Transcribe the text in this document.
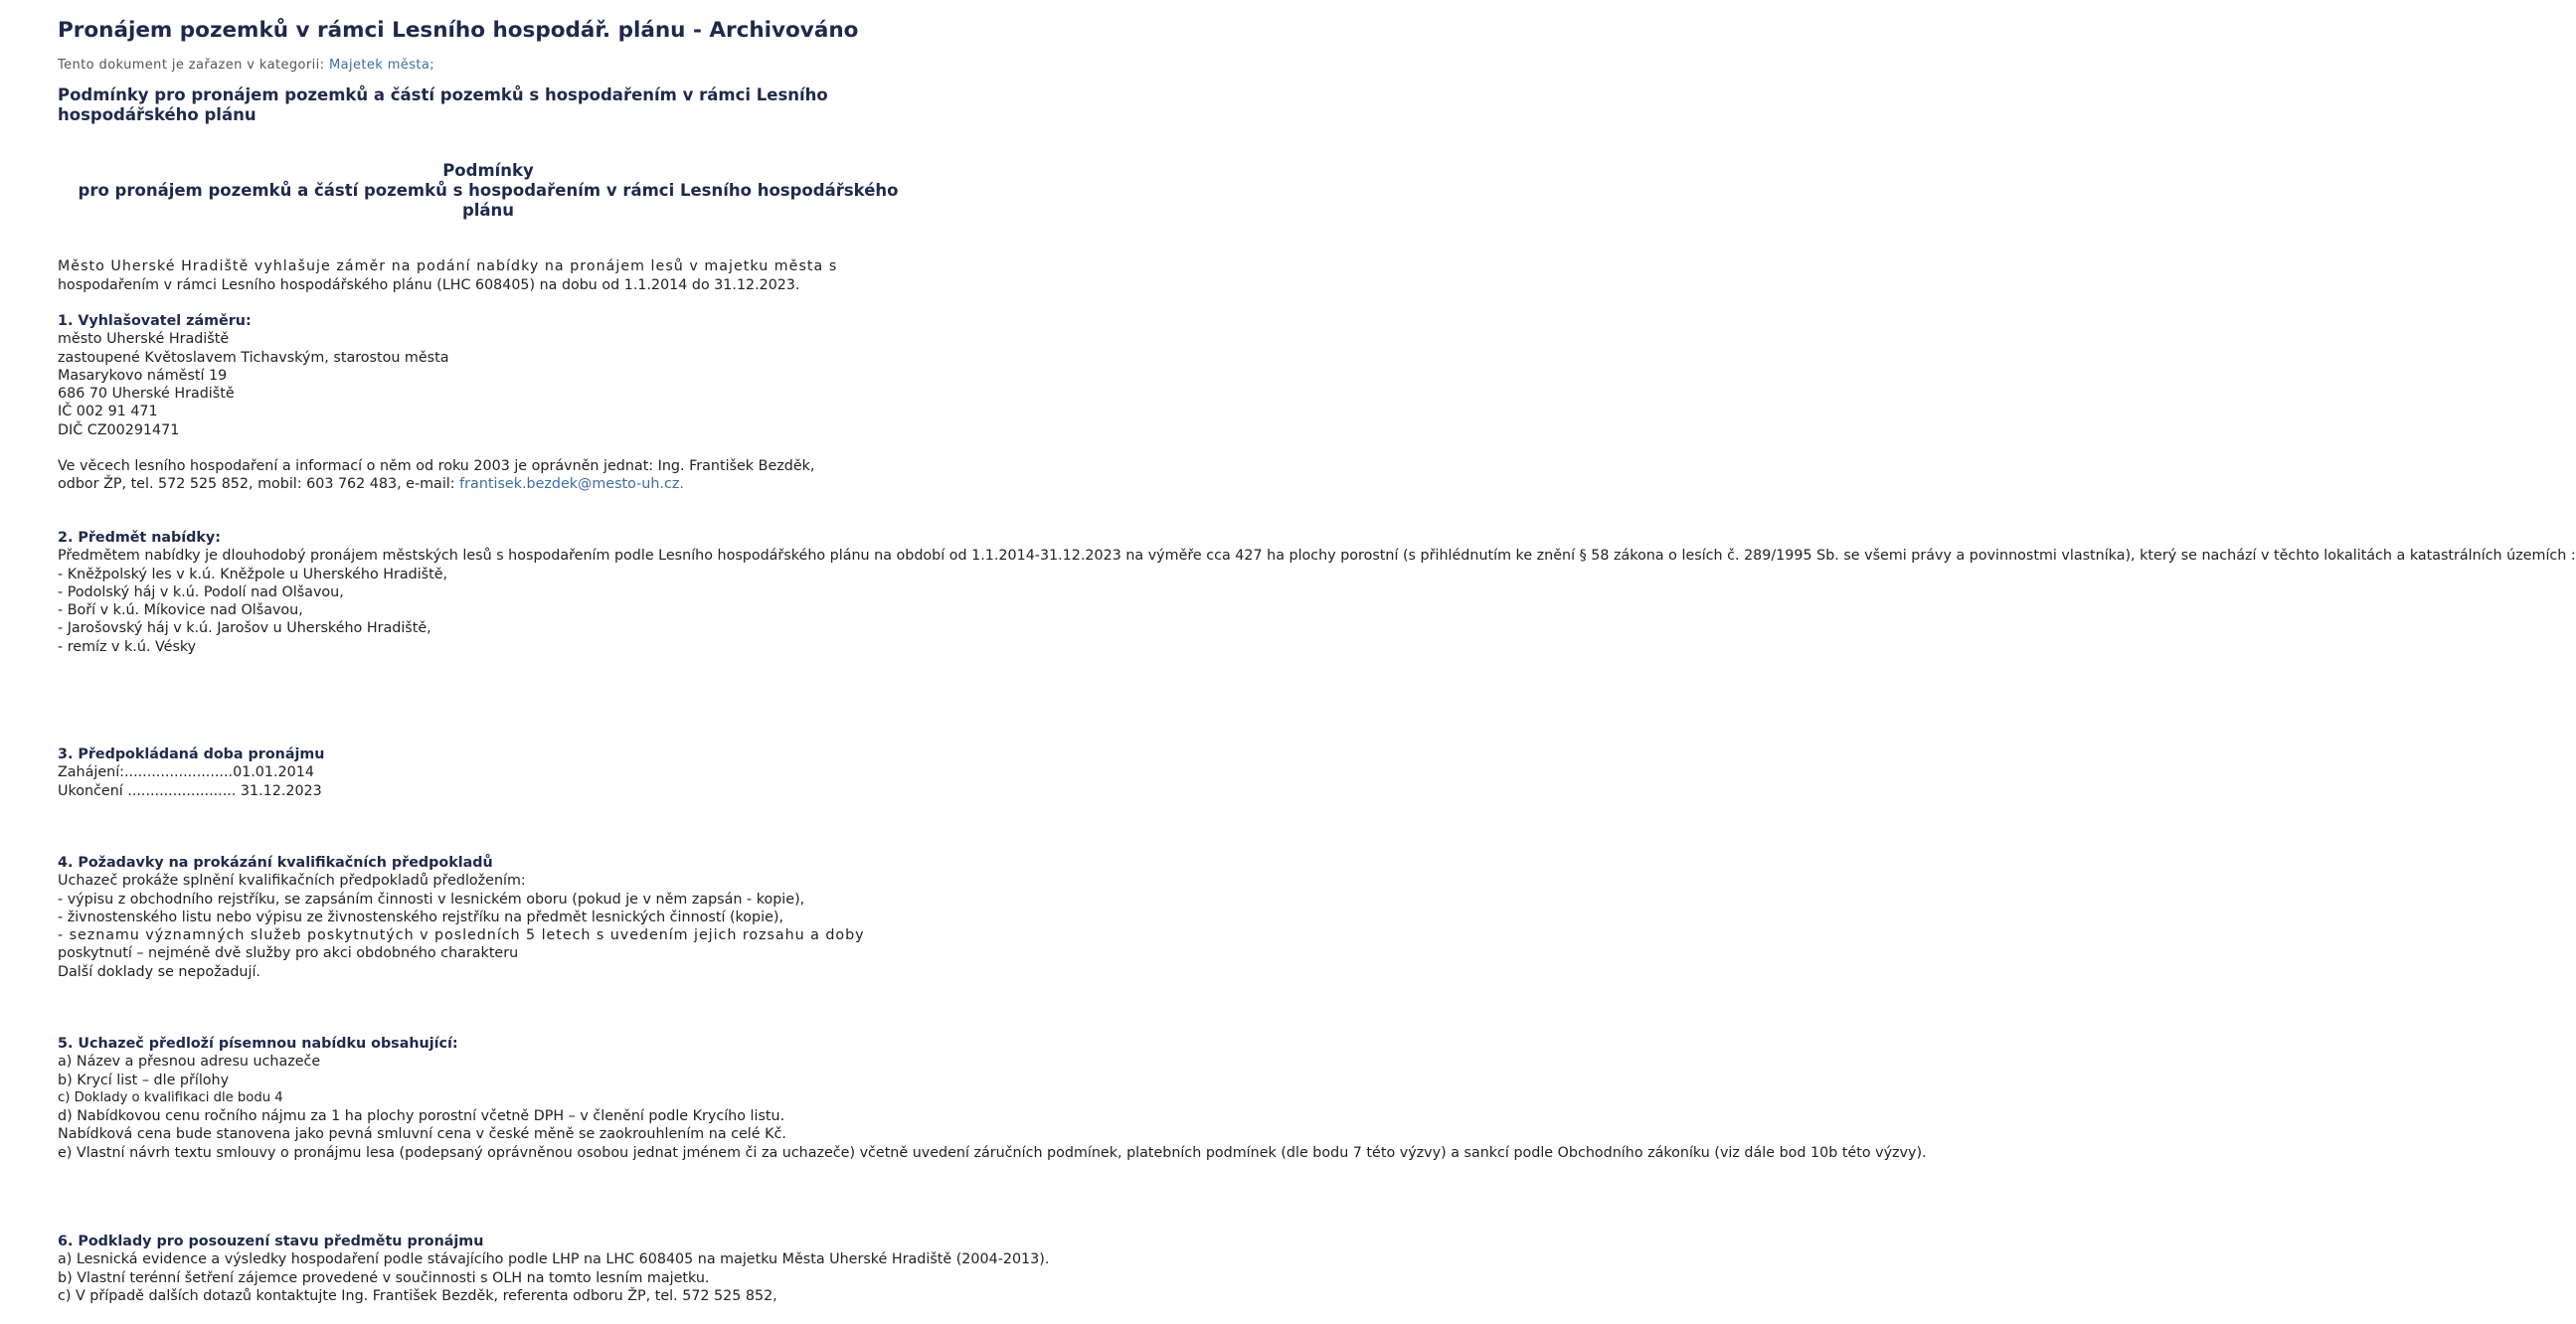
Pronájem pozemků v rámci Lesního hospodář. plánu - Archivováno
Tento dokument je zařazen v kategorii: Majetek města;
Podmínky pro pronájem pozemků a částí pozemků s hospodařením v rámci Lesního hospodářského plánu
Podmínky
pro pronájem pozemků a částí pozemků s hospodařením v rámci Lesního hospodářského plánu
Město Uherské Hradiště vyhlašuje záměr na podání nabídky na pronájem lesů v majetku města s
hospodařením v rámci Lesního hospodářského plánu (LHC 608405) na dobu od 1.1.2014 do 31.12.2023.

1. Vyhlašovatel záměru:

město Uherské Hradiště

zastoupené Květoslavem Tichavským, starostou města

Masarykovo náměstí 19

686 70 Uherské Hradiště

IČ 002 91 471

DIČ CZ00291471

Ve věcech lesního hospodaření a informací o něm od roku 2003 je oprávněn jednat: Ing. František Bezděk,

odbor ŽP, tel. 572 525 852, mobil: 603 762 483, e-mail: frantisek.bezdek@mesto-uh.cz.

2. Předmět nabídky:

Předmětem nabídky je dlouhodobý pronájem městských lesů s hospodařením podle Lesního hospodářského plánu na období od 1.1.2014-31.12.2023 na výměře cca 427 ha plochy porostní (s přihlédnutím ke znění § 58 zákona o lesích č. 289/1995 Sb. se všemi právy a povinnostmi vlastníka), který se nachází v těchto lokalitách a katastrálních územích :

- Kněžpolský les v k.ú. Kněžpole u Uherského Hradiště,

- Podolský háj v k.ú. Podolí nad Olšavou,

- Boří v k.ú. Míkovice nad Olšavou,

- Jarošovský háj v k.ú. Jarošov u Uherského Hradiště,

- remíz v k.ú. Vésky

3. Předpokládaná doba pronájmu

Zahájení:........................01.01.2014

Ukončení ........................ 31.12.2023

4. Požadavky na prokázání kvalifikačních předpokladů

Uchazeč prokáže splnění kvalifikačních předpokladů předložením:

- výpisu z obchodního rejstříku, se zapsáním činnosti v lesnickém oboru (pokud je v něm zapsán - kopie),

- živnostenského listu nebo výpisu ze živnostenského rejstříku na předmět lesnických činností (kopie),

- seznamu významných služeb poskytnutých v posledních 5 letech s uvedením jejich rozsahu a doby

poskytnutí – nejméně dvě služby pro akci obdobného charakteru

Další doklady se nepožadují.

5. Uchazeč předloží písemnou nabídku obsahující:

a) Název a přesnou adresu uchazeče

b) Krycí list – dle přílohy

c) Doklady o kvalifikaci dle bodu 4

d) Nabídkovou cenu ročního nájmu za 1 ha plochy porostní včetně DPH – v členění podle Krycího listu.

Nabídková cena bude stanovena jako pevná smluvní cena v české měně se zaokrouhlením na celé Kč.

e) Vlastní návrh textu smlouvy o pronájmu lesa (podepsaný oprávněnou osobou jednat jménem či za uchazeče) včetně uvedení záručních podmínek, platebních podmínek (dle bodu 7 této výzvy) a sankcí podle Obchodního zákoníku (viz dále bod 10b této výzvy).

6. Podklady pro posouzení stavu předmětu pronájmu

a) Lesnická evidence a výsledky hospodaření podle stávajícího podle LHP na LHC 608405 na majetku Města Uherské Hradiště (2004-2013).

b) Vlastní terénní šetření zájemce provedené v součinnosti s OLH na tomto lesním majetku.

c) V případě dalších dotazů kontaktujte Ing. František Bezděk, referenta odboru ŽP, tel. 572 525 852,
